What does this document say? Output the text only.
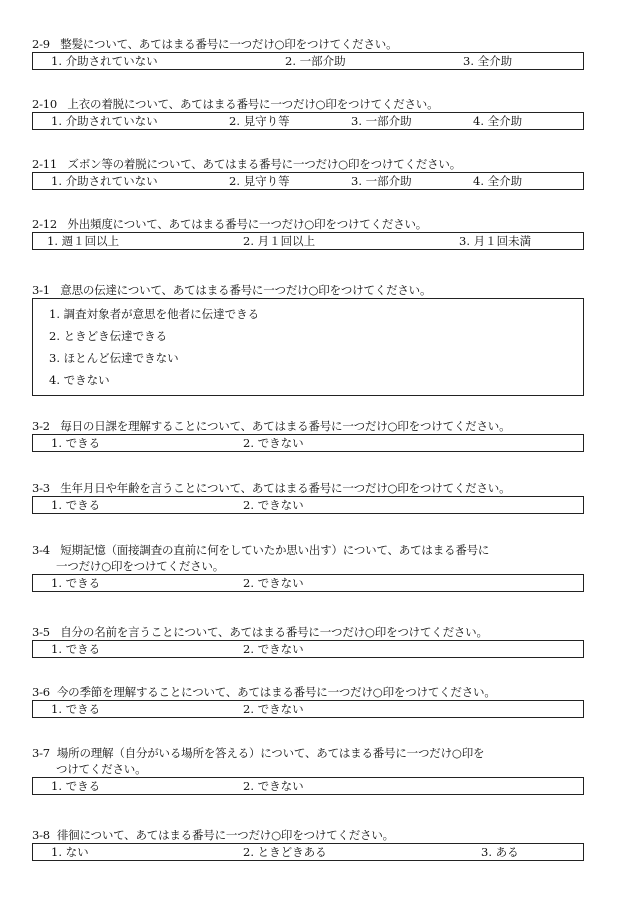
2-9 整髪について、あてはまる番号に一つだけ○印をつけてください。
1. 介助されていない	2. 一部介助	3. 全介助
2-10 上衣の着脱について、あてはまる番号に一つだけ○印をつけてください。
1. 介助されていない	2. 見守り等	3. 一部介助	4. 全介助
2-11 ズボン等の着脱について、あてはまる番号に一つだけ○印をつけてください。
1. 介助されていない	2. 見守り等	3. 一部介助	4. 全介助
2-12 外出頻度について、あてはまる番号に一つだけ○印をつけてください。
1. 週１回以上	2. 月１回以上	3. 月１回未満
3-1 意思の伝達について、あてはまる番号に一つだけ○印をつけてください。
1. 調査対象者が意思を他者に伝達できる
2. ときどき伝達できる
3. ほとんど伝達できない
4. できない
3-2 毎日の日課を理解することについて、あてはまる番号に一つだけ○印をつけてください。
1. できる	2. できない
3-3 生年月日や年齢を言うことについて、あてはまる番号に一つだけ○印をつけてください。
1. できる	2. できない
3-4 短期記憶（面接調査の直前に何をしていたか思い出す）について、あてはまる番号に
一つだけ○印をつけてください。
1. できる	2. できない
3-5 自分の名前を言うことについて、あてはまる番号に一つだけ○印をつけてください。
1. できる	2. できない
3-6 今の季節を理解することについて、あてはまる番号に一つだけ○印をつけてください。
1. できる	2. できない
3-7 場所の理解（自分がいる場所を答える）について、あてはまる番号に一つだけ○印を
つけてください。
1. できる	2. できない
3-8 徘徊について、あてはまる番号に一つだけ○印をつけてください。
1. ない	2. ときどきある	3. ある
